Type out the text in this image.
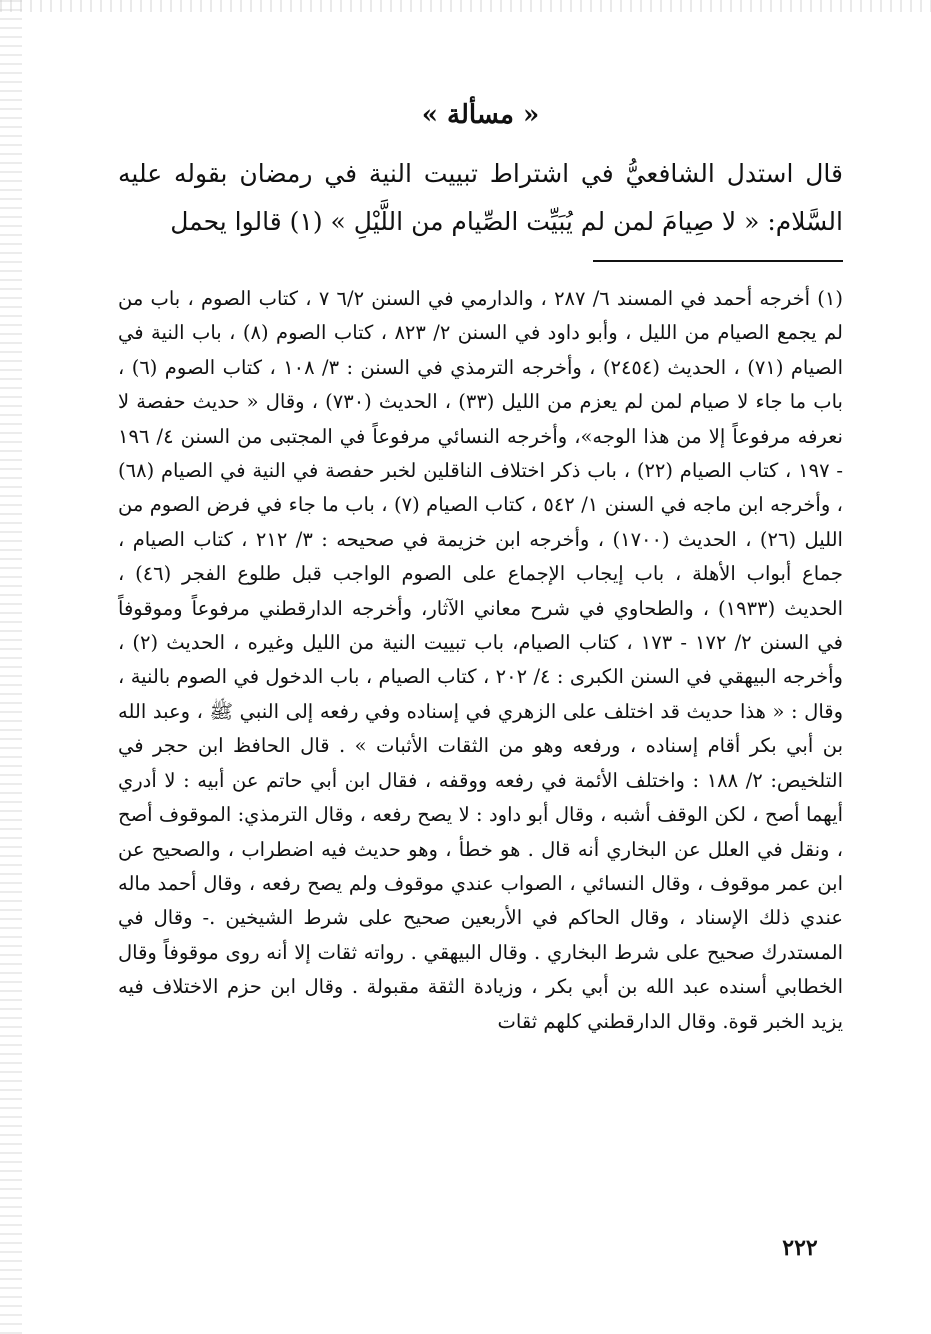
« مسألة »

قال استدل الشافعيُّ في اشتراط تبييت النية في رمضان بقوله عليه السَّلام: « لا صِيامَ لمن لم يُبَيِّت الصِّيام من اللَّيْلِ » (١) قالوا يحمل

(١) أخرجه أحمد في المسند ٦/ ٢٨٧ ، والدارمي في السنن ٦/٢ ٧ ، كتاب الصوم ، باب من لم يجمع الصيام من الليل ، وأبو داود في السنن ٢/ ٨٢٣ ، كتاب الصوم (٨) ، باب النية في الصيام (٧١) ، الحديث (٢٤٥٤) ، وأخرجه الترمذي في السنن : ٣/ ١٠٨ ، كتاب الصوم (٦) ، باب ما جاء لا صيام لمن لم يعزم من الليل (٣٣) ، الحديث (٧٣٠) ، وقال « حديث حفصة لا نعرفه مرفوعاً إلا من هذا الوجه»، وأخرجه النسائي مرفوعاً في المجتبى من السنن ٤/ ١٩٦ - ١٩٧ ، كتاب الصيام (٢٢) ، باب ذكر اختلاف الناقلين لخبر حفصة في النية في الصيام (٦٨) ، وأخرجه ابن ماجه في السنن ١/ ٥٤٢ ، كتاب الصيام (٧) ، باب ما جاء في فرض الصوم من الليل (٢٦) ، الحديث (١٧٠٠) ، وأخرجه ابن خزيمة في صحيحه : ٣/ ٢١٢ ، كتاب الصيام ، جماع أبواب الأهلة ، باب إيجاب الإجماع على الصوم الواجب قبل طلوع الفجر (٤٦) ، الحديث (١٩٣٣) ، والطحاوي في شرح معاني الآثار، وأخرجه الدارقطني مرفوعاً وموقوفاً في السنن ٢/ ١٧٢ - ١٧٣ ، كتاب الصيام، باب تبييت النية من الليل وغيره ، الحديث (٢) ، وأخرجه البيهقي في السنن الكبرى : ٤/ ٢٠٢ ، كتاب الصيام ، باب الدخول في الصوم بالنية ، وقال : « هذا حديث قد اختلف على الزهري في إسناده وفي رفعه إلى النبي ﷺ ، وعبد الله بن أبي بكر أقام إسناده ، ورفعه وهو من الثقات الأثبات » . قال الحافظ ابن حجر في التلخيص: ٢/ ١٨٨ : واختلف الأئمة في رفعه ووقفه ، فقال ابن أبي حاتم عن أبيه : لا أدري أيهما أصح ، لكن الوقف أشبه ، وقال أبو داود : لا يصح رفعه ، وقال الترمذي: الموقوف أصح ، ونقل في العلل عن البخاري أنه قال . هو خطأ ، وهو حديث فيه اضطراب ، والصحيح عن ابن عمر موقوف ، وقال النسائي ، الصواب عندي موقوف ولم يصح رفعه ، وقال أحمد ماله عندي ذلك الإسناد ، وقال الحاكم في الأربعين صحيح على شرط الشيخين .- وقال في المستدرك صحيح على شرط البخاري . وقال البيهقي . رواته ثقات إلا أنه روى موقوفاً وقال الخطابي أسنده عبد الله بن أبي بكر ، وزيادة الثقة مقبولة . وقال ابن حزم الاختلاف فيه يزيد الخبر قوة. وقال الدارقطني كلهم ثقات

٢٢٢
